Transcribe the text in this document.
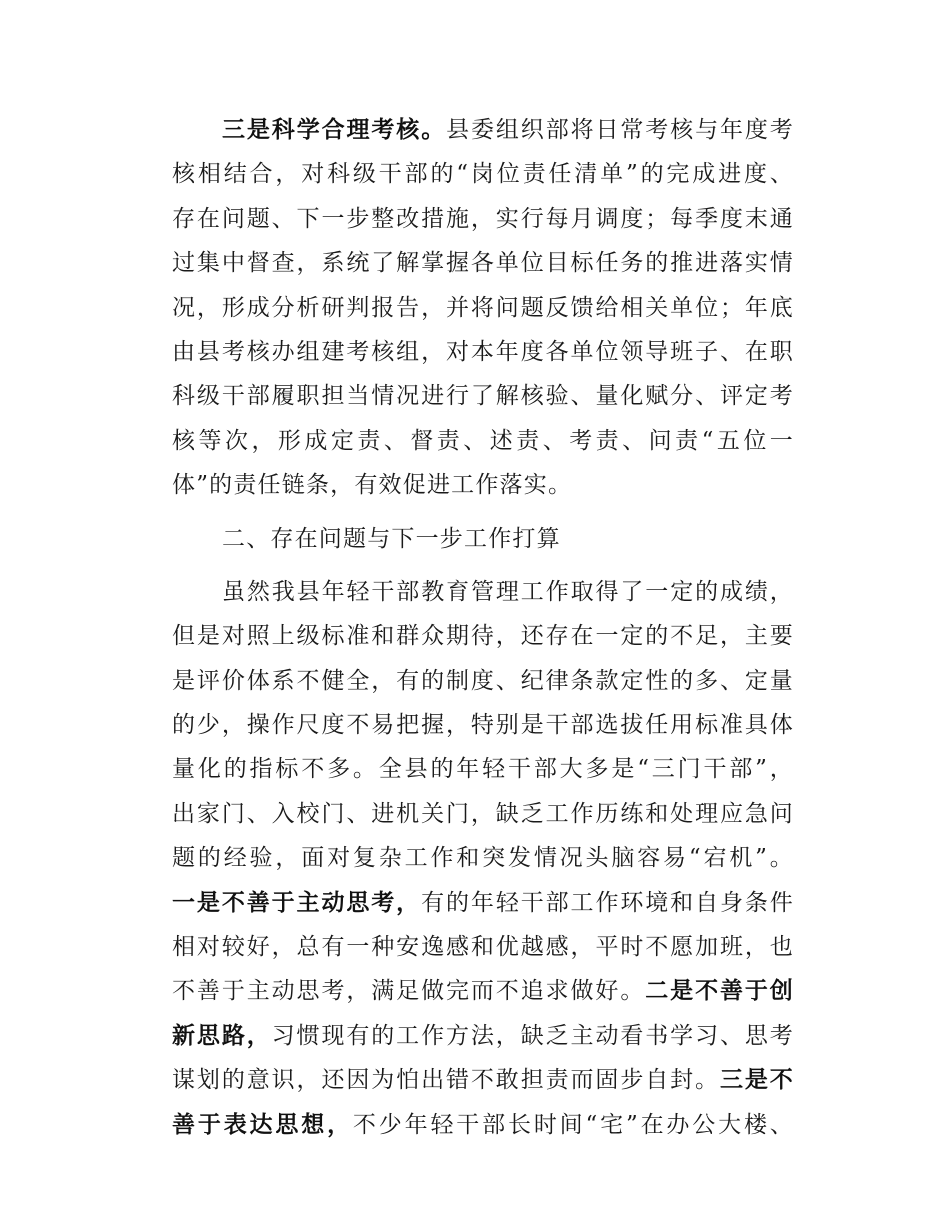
三是科学合理考核。县委组织部将日常考核与年度考
核相结合，对科级干部的“岗位责任清单”的完成进度、
存在问题、下一步整改措施，实行每月调度；每季度末通
过集中督查，系统了解掌握各单位目标任务的推进落实情
况，形成分析研判报告，并将问题反馈给相关单位；年底
由县考核办组建考核组，对本年度各单位领导班子、在职
科级干部履职担当情况进行了解核验、量化赋分、评定考
核等次，形成定责、督责、述责、考责、问责“五位一
体”的责任链条，有效促进工作落实。
二、存在问题与下一步工作打算
虽然我县年轻干部教育管理工作取得了一定的成绩，
但是对照上级标准和群众期待，还存在一定的不足，主要
是评价体系不健全，有的制度、纪律条款定性的多、定量
的少，操作尺度不易把握，特别是干部选拔任用标准具体
量化的指标不多。全县的年轻干部大多是“三门干部”，
出家门、入校门、进机关门，缺乏工作历练和处理应急问
题的经验，面对复杂工作和突发情况头脑容易“宕机”。
一是不善于主动思考，有的年轻干部工作环境和自身条件
相对较好，总有一种安逸感和优越感，平时不愿加班，也
不善于主动思考，满足做完而不追求做好。二是不善于创
新思路，习惯现有的工作方法，缺乏主动看书学习、思考
谋划的意识，还因为怕出错不敢担责而固步自封。三是不
善于表达思想，不少年轻干部长时间“宅”在办公大楼、
